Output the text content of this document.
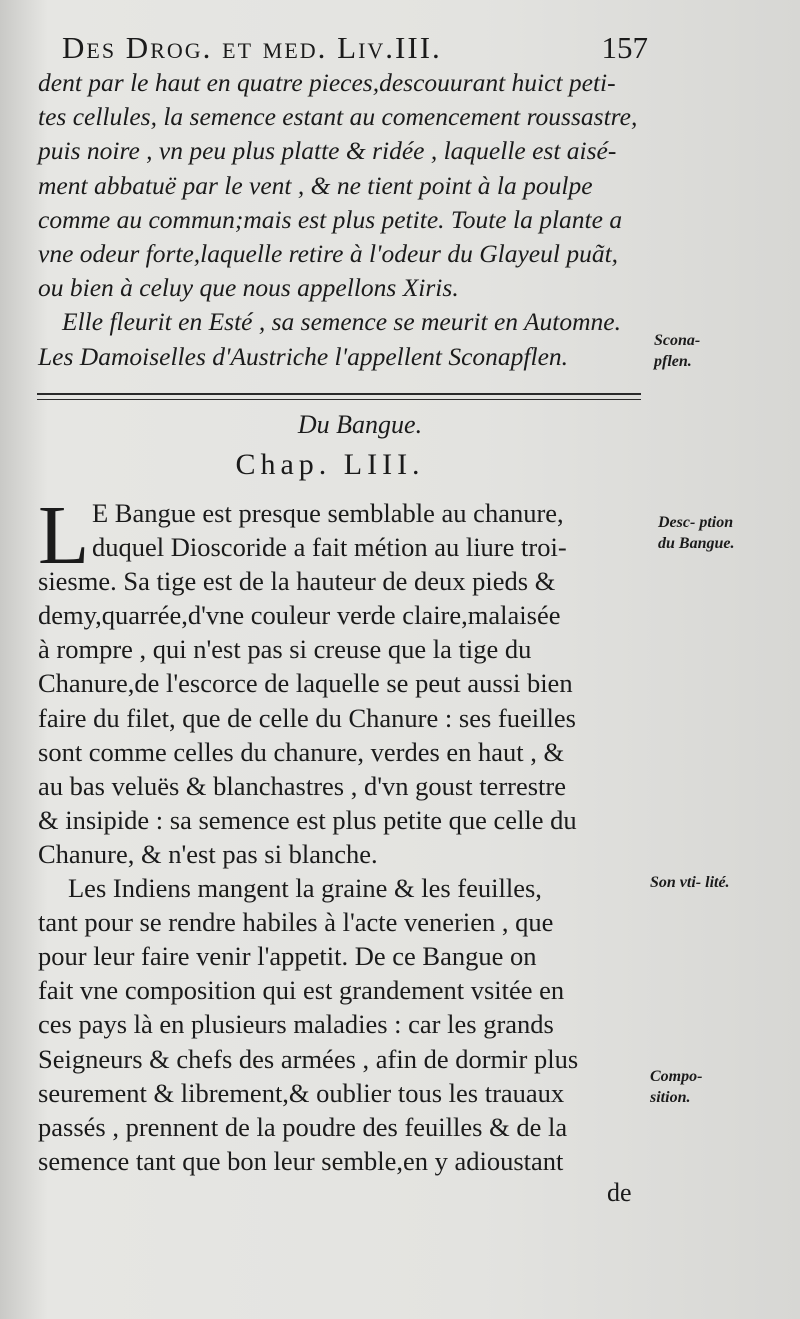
Des Drog. et med. Liv.III.	157
dent par le haut en quatre pieces,descouurant huict peti-
tes cellules, la semence estant au comencement roussastre,
puis noire , vn peu plus platte & ridée , laquelle est aisé-
ment abbatuë par le vent , & ne tient point à la poulpe
comme au commun;mais est plus petite. Toute la plante a
vne odeur forte,laquelle retire à l'odeur du Glayeul puãt,
ou bien à celuy que nous appellons Xiris.
Elle fleurit en Esté , sa semence se meurit en Automne.
Les Damoiselles d'Austriche l'appellent Sconapflen.
Scona- pflen.
Du Bangue.
Chap. LIII.
L E Bangue est presque semblable au chanure,
duquel Dioscoride a fait métion au liure troi-
siesme. Sa tige est de la hauteur de deux pieds &
demy,quarrée,d'vne couleur verde claire,malaisée
à rompre , qui n'est pas si creuse que la tige du
Chanure,de l'escorce de laquelle se peut aussi bien
faire du filet, que de celle du Chanure : ses fueilles
sont comme celles du chanure, verdes en haut , &
au bas veluës & blanchastres , d'vn goust terrestre
& insipide : sa semence est plus petite que celle du
Chanure, & n'est pas si blanche.
Les Indiens mangent la graine & les feuilles,
tant pour se rendre habiles à l'acte venerien , que
pour leur faire venir l'appetit. De ce Bangue on
fait vne composition qui est grandement vsitée en
ces pays là en plusieurs maladies : car les grands
Seigneurs & chefs des armées , afin de dormir plus
seurement & librement,& oublier tous les trauaux
passés , prennent de la poudre des feuilles & de la
semence tant que bon leur semble,en y adioustant
Desc- ption du Bangue.
Son vti- lité.
Compo- sition.
de
